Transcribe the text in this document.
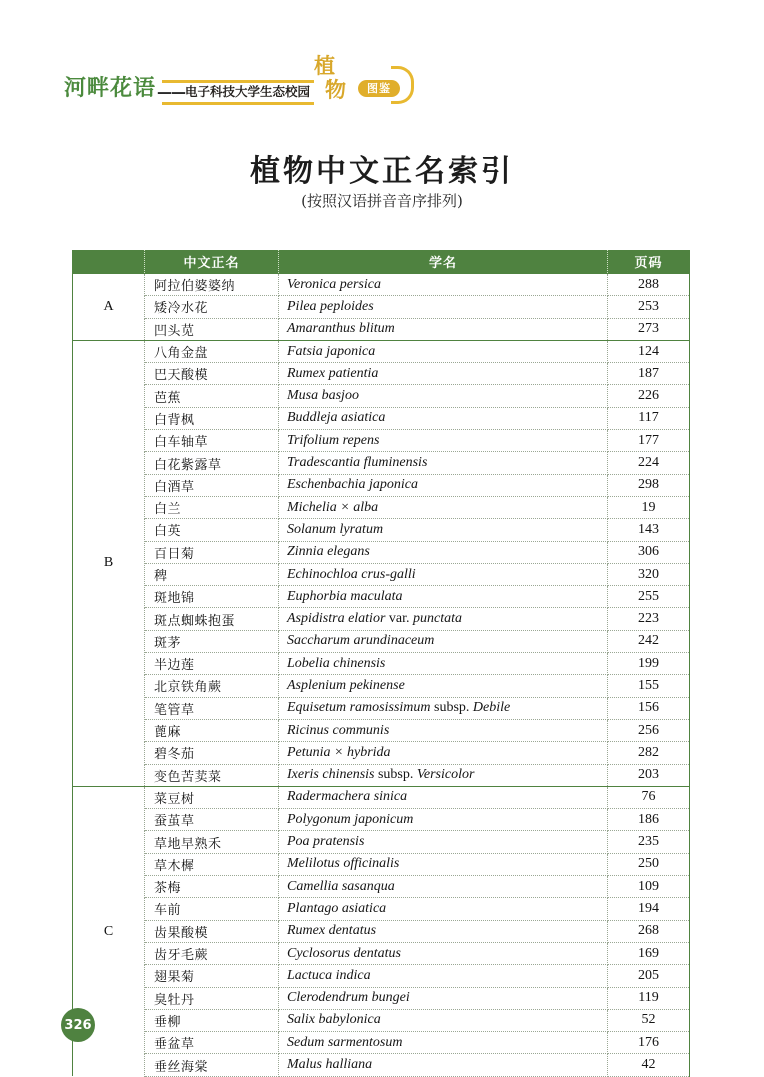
河畔花语 —— 电子科技大学生态校园
植
物	图鉴
植物中文正名索引
(按照汉语拼音音序排列)
	中文正名	学名	页码
A	阿拉伯婆婆纳	Veronica persica	288
	矮冷水花	Pilea peploides	253
	凹头苋	Amaranthus blitum	273
B	八角金盘	Fatsia japonica	124
	巴天酸模	Rumex patientia	187
	芭蕉	Musa basjoo	226
	白背枫	Buddleja asiatica	117
	白车轴草	Trifolium repens	177
	白花紫露草	Tradescantia fluminensis	224
	白酒草	Eschenbachia japonica	298
	白兰	Michelia × alba	19
	白英	Solanum lyratum	143
	百日菊	Zinnia elegans	306
	稗	Echinochloa crus-galli	320
	斑地锦	Euphorbia maculata	255
	斑点蜘蛛抱蛋	Aspidistra elatior var. punctata	223
	斑茅	Saccharum arundinaceum	242
	半边莲	Lobelia chinensis	199
	北京铁角蕨	Asplenium pekinense	155
	笔管草	Equisetum ramosissimum subsp. Debile	156
	蓖麻	Ricinus communis	256
	碧冬茄	Petunia × hybrida	282
	变色苦荬菜	Ixeris chinensis subsp. Versicolor	203
C	菜豆树	Radermachera sinica	76
	蚕茧草	Polygonum japonicum	186
	草地早熟禾	Poa pratensis	235
	草木樨	Melilotus officinalis	250
	茶梅	Camellia sasanqua	109
	车前	Plantago asiatica	194
	齿果酸模	Rumex dentatus	268
	齿牙毛蕨	Cyclosorus dentatus	169
	翅果菊	Lactuca indica	205
	臭牡丹	Clerodendrum bungei	119
	垂柳	Salix babylonica	52
	垂盆草	Sedum sarmentosum	176
	垂丝海棠	Malus halliana	42
326
